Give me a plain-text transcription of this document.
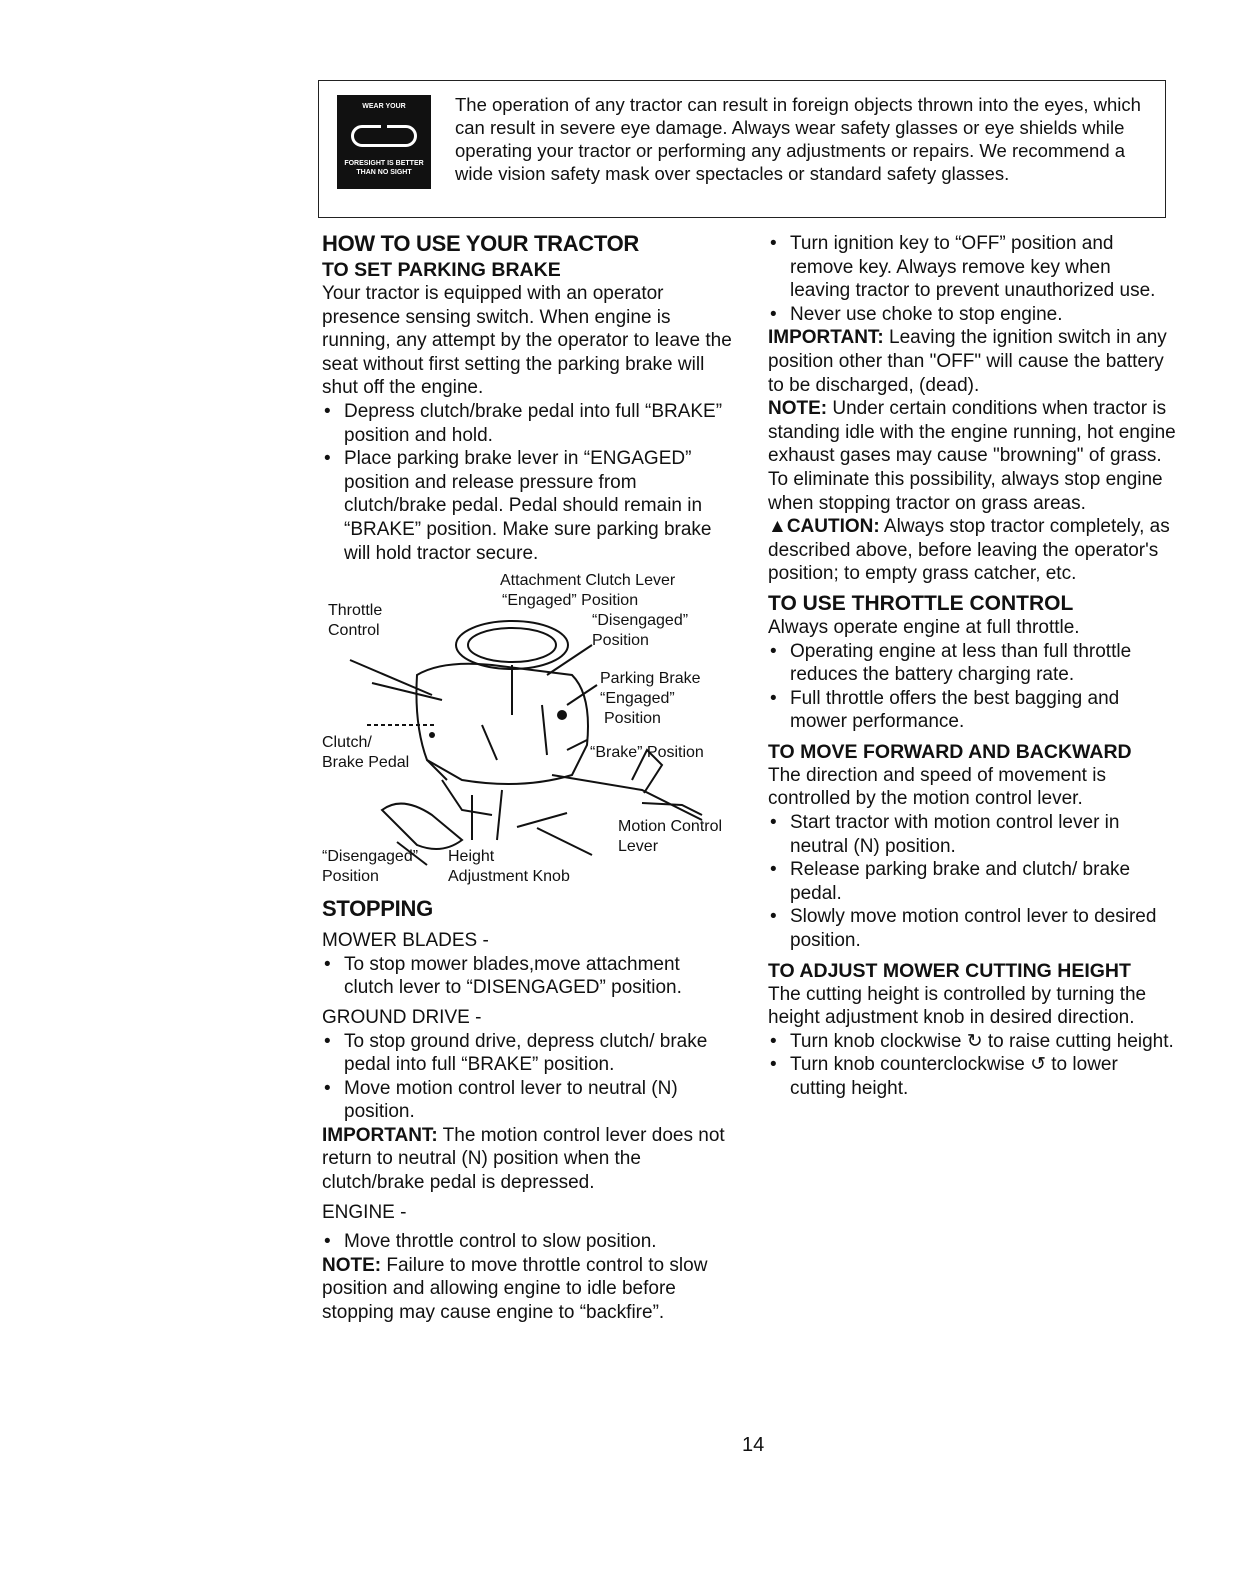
WEAR YOUR
FORESIGHT IS BETTER THAN NO SIGHT
The operation of any tractor can result in foreign objects thrown into the eyes, which can result in severe eye damage. Always wear safety glasses or eye shields while operating your tractor or performing any adjustments or repairs. We recommend a wide vision safety mask over spectacles or standard safety glasses.
HOW TO USE YOUR TRACTOR
TO SET PARKING BRAKE

Your tractor is equipped with an operator presence sensing switch. When engine is running, any attempt by the operator to leave the seat without first setting the parking brake will shut off the engine.

• Depress clutch/brake pedal into full “BRAKE” position and hold.
• Place parking brake lever in “ENGAGED” position and release pressure from clutch/brake pedal. Pedal should remain in “BRAKE” position. Make sure parking brake will hold tractor secure.
Attachment Clutch Lever
“Engaged” Position
“Disengaged”
Position
Throttle
Control
Parking Brake
“Engaged”
Position
Clutch/
Brake Pedal
“Brake” Position
Motion Control
Lever
“Disengaged”
Position
Height
Adjustment Knob
STOPPING

MOWER BLADES -

• To stop mower blades,move attachment clutch lever to “DISENGAGED” position.

GROUND DRIVE -

• To stop ground drive, depress clutch/ brake pedal into full “BRAKE” position.
• Move motion control lever to neutral (N) position.

IMPORTANT: The motion control lever does not return to neutral (N) position when the clutch/brake pedal is depressed.

ENGINE -

• Move throttle control to slow position.

NOTE: Failure to move throttle control to slow position and allowing engine to idle before stopping may cause engine to “backfire”.

• Turn ignition key to “OFF” position and remove key. Always remove key when leaving tractor to prevent unauthorized use.
• Never use choke to stop engine.

IMPORTANT: Leaving the ignition switch in any position other than "OFF" will cause the battery to be discharged, (dead).

NOTE: Under certain conditions when tractor is standing idle with the engine running, hot engine exhaust gases may cause "browning" of grass. To eliminate this possibility, always stop engine when stopping tractor on grass areas.

▲CAUTION: Always stop tractor completely, as described above, before leaving the operator's position; to empty grass catcher, etc.

TO USE THROTTLE CONTROL

Always operate engine at full throttle.

• Operating engine at less than full throttle reduces the battery charging rate.
• Full throttle offers the best bagging and mower performance.
TO MOVE FORWARD AND BACKWARD

The direction and speed of movement is controlled by the motion control lever.

• Start tractor with motion control lever in neutral (N) position.
• Release parking brake and clutch/ brake pedal.
• Slowly move motion control lever to desired position.
TO ADJUST MOWER CUTTING HEIGHT

The cutting height is controlled by turning the height adjustment knob in desired direction.

• Turn knob clockwise ↻ to raise cutting height.
• Turn knob counterclockwise ↺ to lower cutting height.
14
